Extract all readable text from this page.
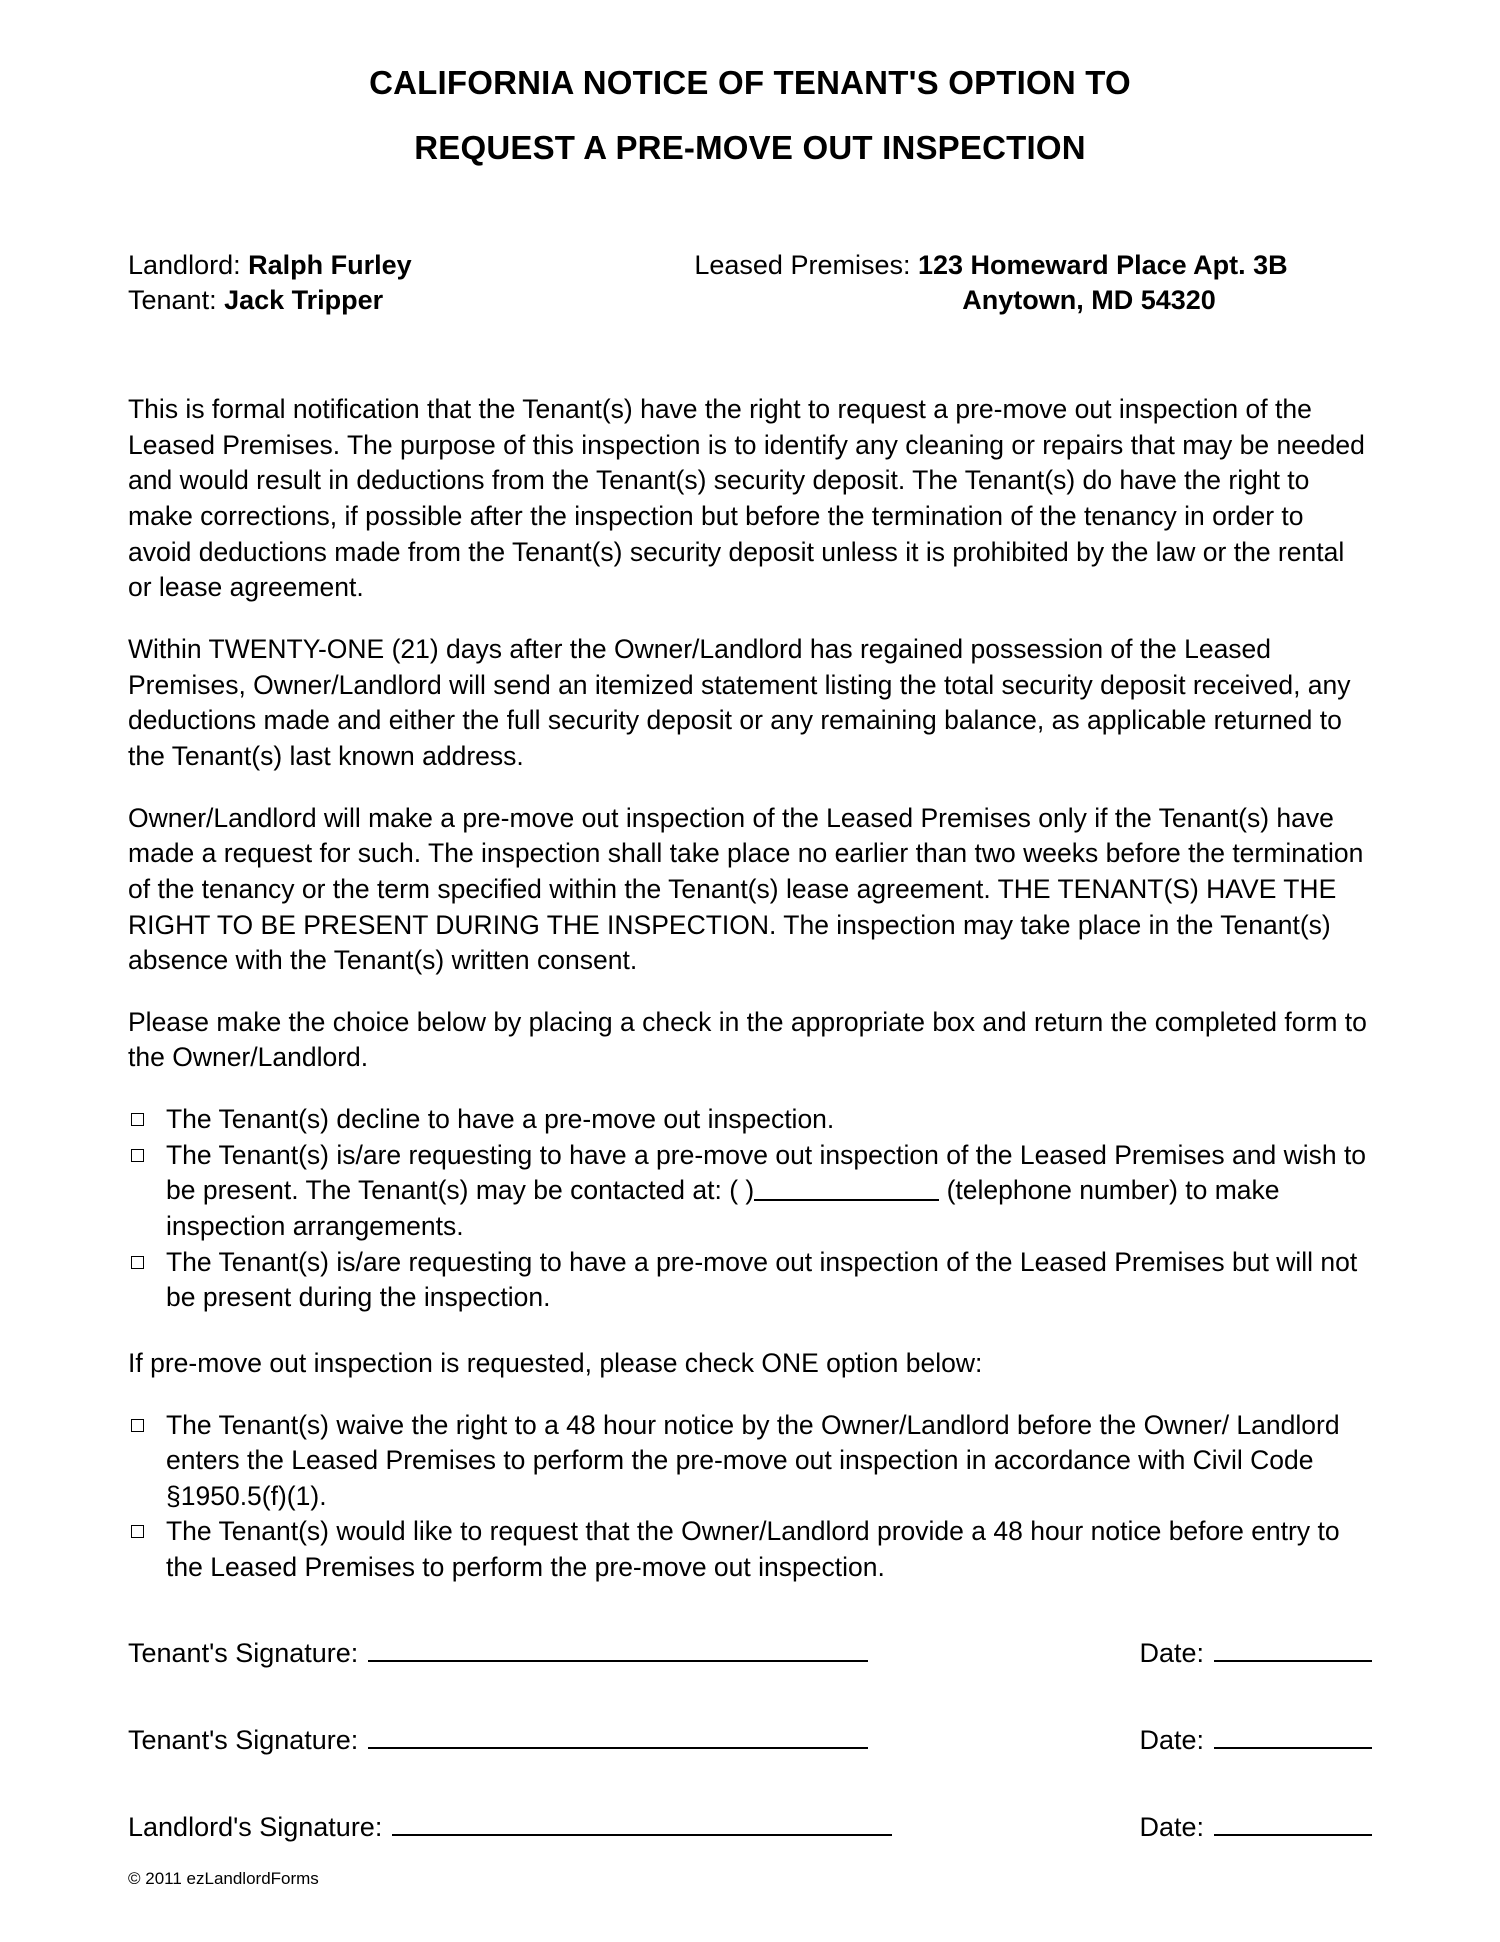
CALIFORNIA NOTICE OF TENANT'S OPTION TO
REQUEST A PRE-MOVE OUT INSPECTION
Landlord: Ralph Furley
Tenant: Jack Tripper
Leased Premises: 123 Homeward Place Apt. 3B
Anytown, MD 54320

This is formal notification that the Tenant(s) have the right to request a pre-move out inspection of the Leased Premises. The purpose of this inspection is to identify any cleaning or repairs that may be needed and would result in deductions from the Tenant(s) security deposit. The Tenant(s) do have the right to make corrections, if possible after the inspection but before the termination of the tenancy in order to avoid deductions made from the Tenant(s) security deposit unless it is prohibited by the law or the rental or lease agreement.

Within TWENTY-ONE (21) days after the Owner/Landlord has regained possession of the Leased Premises, Owner/Landlord will send an itemized statement listing the total security deposit received, any deductions made and either the full security deposit or any remaining balance, as applicable returned to the Tenant(s) last known address.

Owner/Landlord will make a pre-move out inspection of the Leased Premises only if the Tenant(s) have made a request for such. The inspection shall take place no earlier than two weeks before the termination of the tenancy or the term specified within the Tenant(s) lease agreement. THE TENANT(S) HAVE THE RIGHT TO BE PRESENT DURING THE INSPECTION. The inspection may take place in the Tenant(s) absence with the Tenant(s) written consent.

Please make the choice below by placing a check in the appropriate box and return the completed form to the Owner/Landlord.

The Tenant(s) decline to have a pre-move out inspection.
The Tenant(s) is/are requesting to have a pre-move out inspection of the Leased Premises and wish to be present. The Tenant(s) may be contacted at: ( )	(telephone number) to make inspection arrangements.
The Tenant(s) is/are requesting to have a pre-move out inspection of the Leased Premises but will not be present during the inspection.

If pre-move out inspection is requested, please check ONE option below:

The Tenant(s) waive the right to a 48 hour notice by the Owner/Landlord before the Owner/ Landlord enters the Leased Premises to perform the pre-move out inspection in accordance with Civil Code §1950.5(f)(1).
The Tenant(s) would like to request that the Owner/Landlord provide a 48 hour notice before entry to the Leased Premises to perform the pre-move out inspection.
Tenant's Signature:	Date:
Tenant's Signature:	Date:
Landlord's Signature:	Date:
© 2011 ezLandlordForms
